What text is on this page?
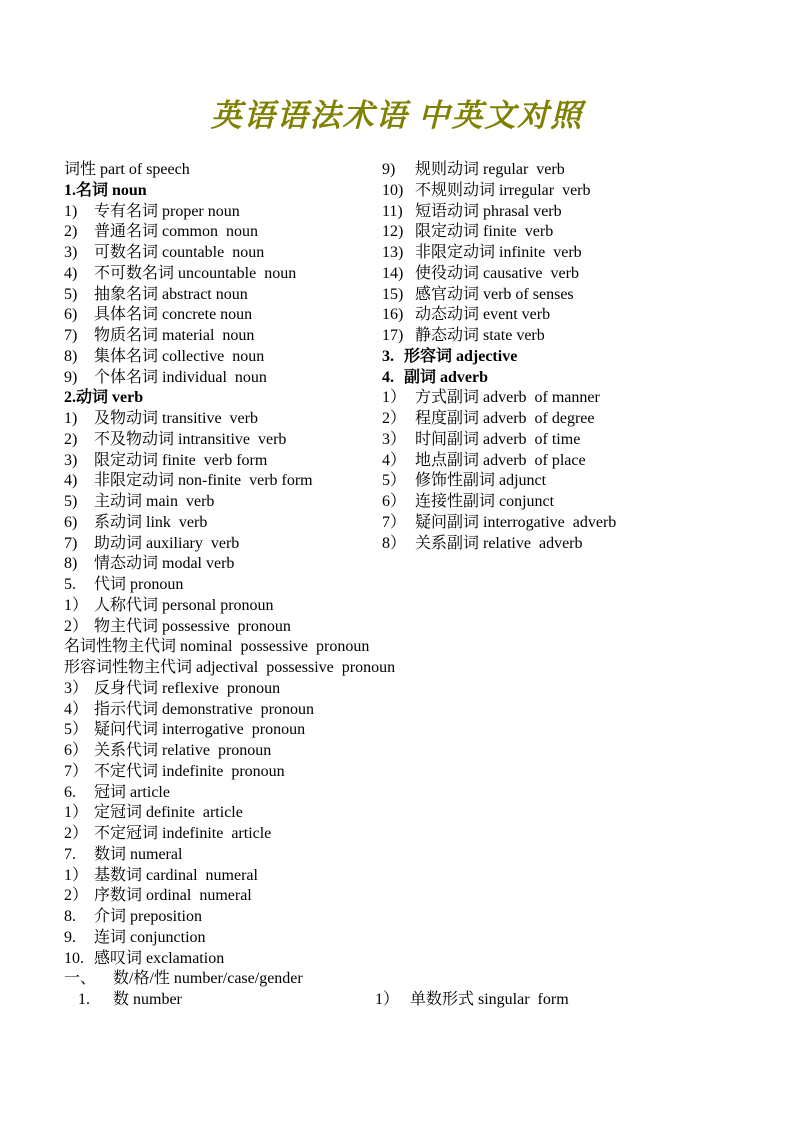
英语语法术语 中英文对照
词性 part of speech
1.名词 noun
1)	专有名词 proper noun
2)	普通名词 common  noun
3)	可数名词 countable  noun
4)	不可数名词 uncountable  noun
5)	抽象名词 abstract noun
6)	具体名词 concrete noun
7)	物质名词 material  noun
8)	集体名词 collective  noun
9)	个体名词 individual  noun
2.动词 verb
1)	及物动词 transitive  verb
2)	不及物动词 intransitive  verb
3)	限定动词 finite  verb form
4)	非限定动词 non-finite  verb form
5)	主动词 main  verb
6)	系动词 link  verb
7)	助动词 auxiliary  verb
8)	情态动词 modal verb
5.	代词 pronoun
1） 人称代词 personal pronoun
2） 物主代词 possessive  pronoun
名词性物主代词 nominal  possessive  pronoun
形容词性物主代词 adjectival  possessive  pronoun
3） 反身代词 reflexive  pronoun
4） 指示代词 demonstrative  pronoun
5） 疑问代词 interrogative  pronoun
6） 关系代词 relative  pronoun
7） 不定代词 indefinite  pronoun
6.	冠词 article
1） 定冠词 definite  article
2） 不定冠词 indefinite  article
7.	数词 numeral
1） 基数词 cardinal  numeral
2） 序数词 ordinal  numeral
8.	介词 preposition
9.	连词 conjunction
10. 感叹词 exclamation
一、	数/格/性 number/case/gender
1.	数 number
9)	规则动词 regular  verb
10) 不规则动词 irregular  verb
11) 短语动词 phrasal verb
12) 限定动词 finite  verb
13) 非限定动词 infinite  verb
14) 使役动词 causative  verb
15) 感官动词 verb of senses
16) 动态动词 event verb
17) 静态动词 state verb
3. 形容词 adjective
4. 副词 adverb
1） 方式副词 adverb  of manner
2） 程度副词 adverb  of degree
3） 时间副词 adverb  of time
4） 地点副词 adverb  of place
5） 修饰性副词 adjunct
6） 连接性副词 conjunct
7） 疑问副词 interrogative  adverb
8） 关系副词 relative  adverb
1） 单数形式 singular  form
